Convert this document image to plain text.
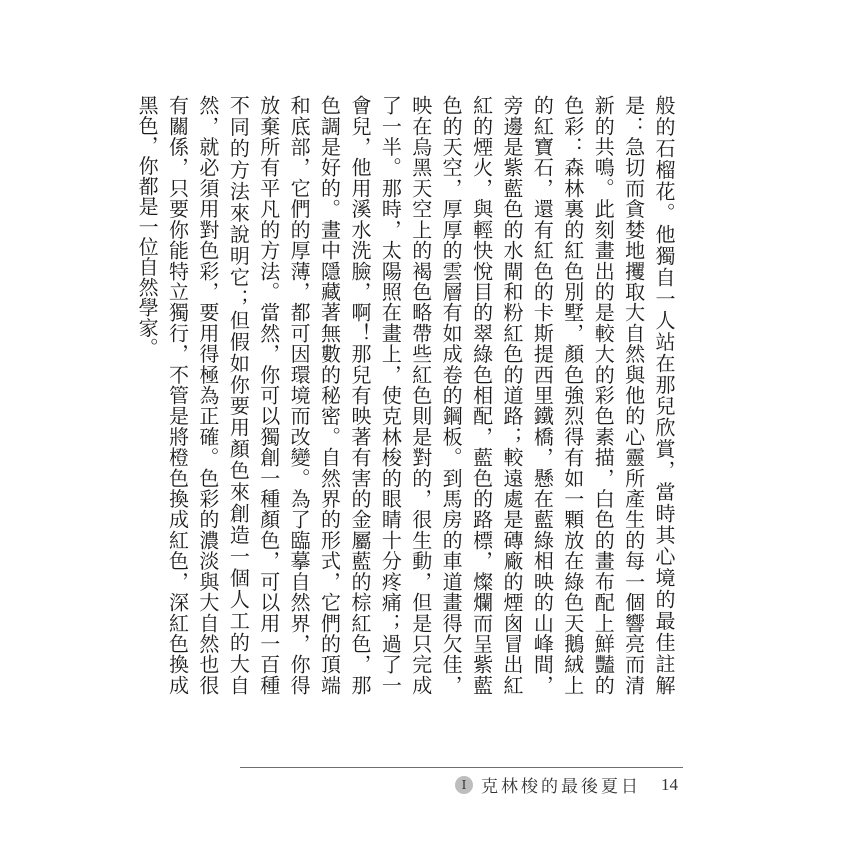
般的石榴花。他獨自一人站在那兒欣賞，當時其心境的最佳註解是：急切而貪婪地攫取大自然與他的心靈所產生的每一個響亮而清新的共鳴。此刻畫出的是較大的彩色素描，白色的畫布配上鮮豔的色彩：森林裏的紅色別墅，顏色強烈得有如一顆放在綠色天鵝絨上的紅寶石，還有紅色的卡斯提西里鐵橋，懸在藍綠相映的山峰間，旁邊是紫藍色的水閘和粉紅色的道路；較遠處是磚廠的煙囪冒出紅紅的煙火，與輕快悅目的翠綠色相配，藍色的路標，燦爛而呈紫藍色的天空，厚厚的雲層有如成卷的鋼板。到馬房的車道畫得欠佳，映在烏黑天空上的褐色略帶些紅色則是對的，很生動，但是只完成了一半。那時，太陽照在畫上，使克林梭的眼睛十分疼痛；過了一會兒，他用溪水洗臉，啊！那兒有映著有害的金屬藍的棕紅色，那色調是好的。畫中隱藏著無數的秘密。自然界的形式，它們的頂端和底部，它們的厚薄，都可因環境而改變。為了臨摹自然界，你得放棄所有平凡的方法。當然，你可以獨創一種顏色，可以用一百種不同的方法來說明它；但假如你要用顏色來創造一個人工的大自然，就必須用對色彩，要用得極為正確。色彩的濃淡與大自然也很有關係，只要你能特立獨行，不管是將橙色換成紅色，深紅色換成黑色，你都是一位自然學家。

I 克林梭的最後夏日 14
